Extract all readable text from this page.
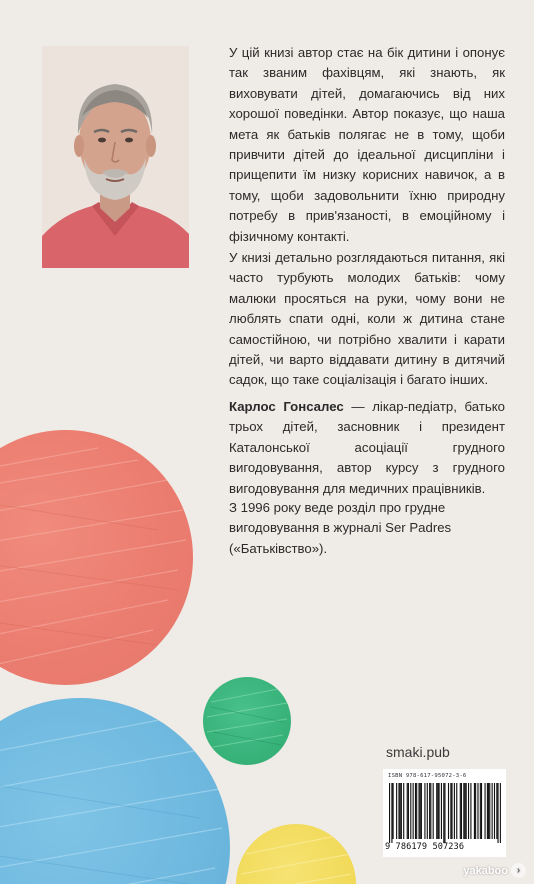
У цій книзі автор стає на бік дитини і опонує так званим фахівцям, які знають, як виховувати дітей, домагаючись від них хорошої поведінки. Автор показує, що наша мета як батьків полягає не в тому, щоби привчити дітей до ідеальної дисципліни і прищепити їм низку корисних навичок, а в тому, щоби задовольнити їхню природну потребу в прив'язаності, в емоційному і фізичному контакті.

У книзі детально розглядаються питання, які часто турбують молодих батьків: чому малюки просяться на руки, чому вони не люблять спати одні, коли ж дитина стане самостійною, чи потрібно хвалити і карати дітей, чи варто віддавати дитину в дитячий садок, що таке соціалізація і багато інших.

Карлос Гонсалес — лікар-педіатр, батько трьох дітей, засновник і президент Каталонської асоціації грудного вигодовування, автор курсу з грудного вигодовування для медичних працівників.

З 1996 року веде розділ про грудне вигодовування в журналі Ser Padres («Батьківство»).

smaki.pub
ISBN 978-617-95072-3-6
9 786179 507236
yakaboo ›
